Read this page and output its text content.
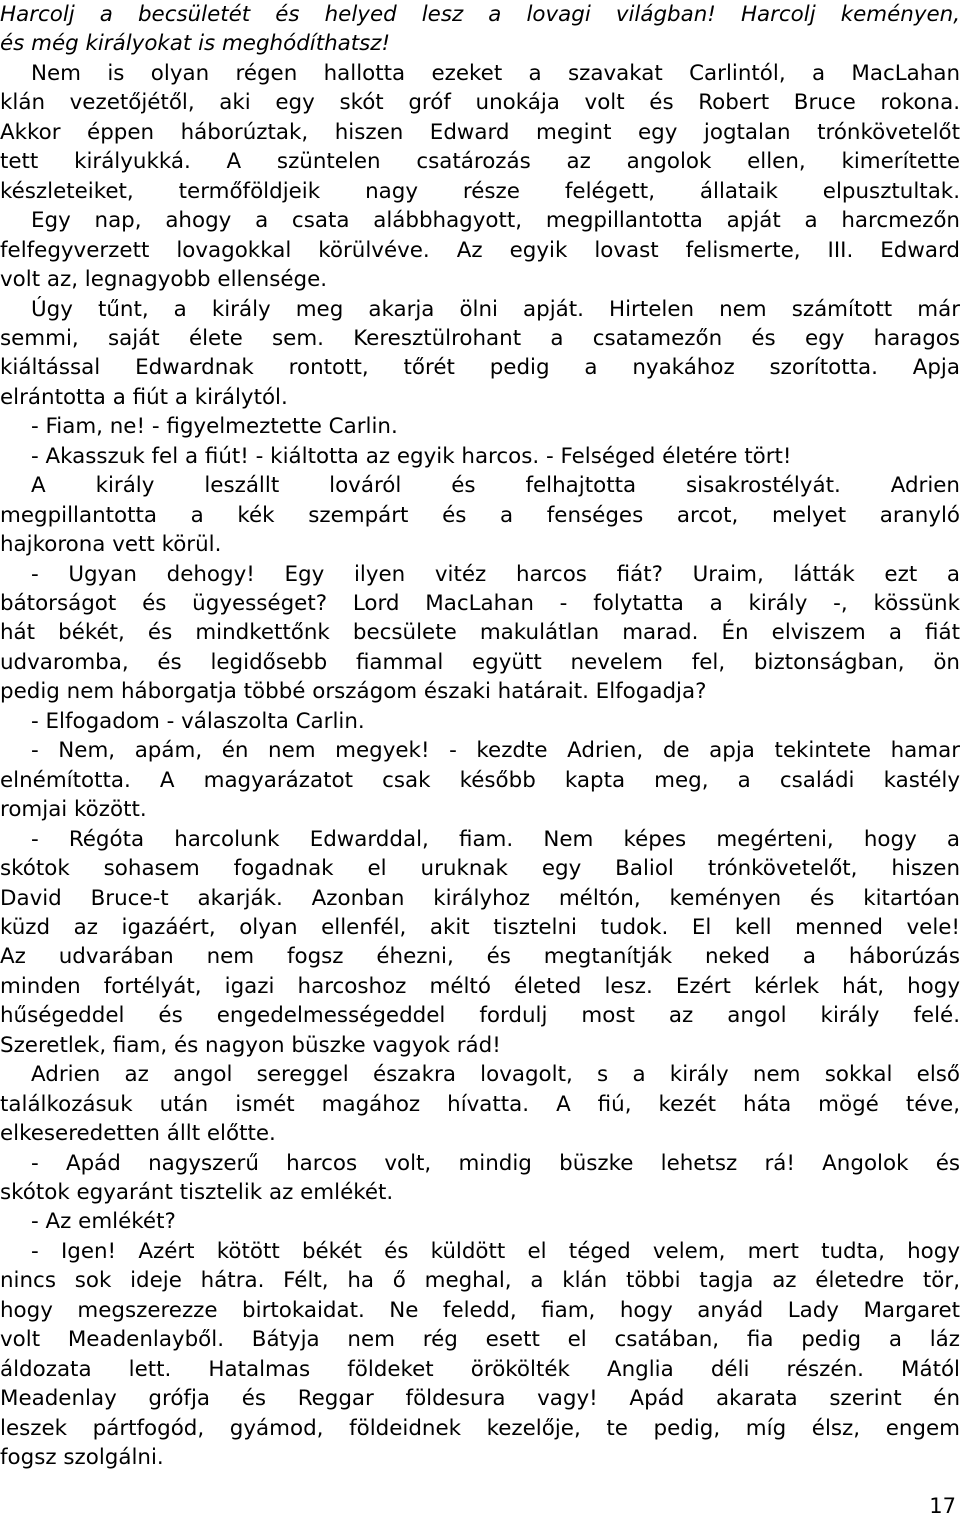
Harcolj a becsületét és helyed lesz a lovagi világban! Harcolj keményen,
és még királyokat is meghódíthatsz!
Nem is olyan régen hallotta ezeket a szavakat Carlintól, a MacLahan
klán vezetőjétől, aki egy skót gróf unokája volt és Robert Bruce rokona.
Akkor éppen háborúztak, hiszen Edward megint egy jogtalan trónkövetelőt
tett királyukká. A szüntelen csatározás az angolok ellen, kimerítette
készleteiket, termőföldjeik nagy része felégett, állataik elpusztultak.
Egy nap, ahogy a csata alábbhagyott, megpillantotta apját a harcmezőn
felfegyverzett lovagokkal körülvéve. Az egyik lovast felismerte, III. Edward
volt az, legnagyobb ellensége.
Úgy tűnt, a király meg akarja ölni apját. Hirtelen nem számított már
semmi, saját élete sem. Keresztülrohant a csatamezőn és egy haragos
kiáltással Edwardnak rontott, tőrét pedig a nyakához szorította. Apja
elrántotta a fiút a királytól.
- Fiam, ne! - figyelmeztette Carlin.
- Akasszuk fel a fiút! - kiáltotta az egyik harcos. - Felséged életére tört!
A király leszállt lováról és felhajtotta sisakrostélyát. Adrien
megpillantotta a kék szempárt és a fenséges arcot, melyet aranyló
hajkorona vett körül.
- Ugyan dehogy! Egy ilyen vitéz harcos fiát? Uraim, látták ezt a
bátorságot és ügyességet? Lord MacLahan - folytatta a király -, kössünk
hát békét, és mindkettőnk becsülete makulátlan marad. Én elviszem a fiát
udvaromba, és legidősebb fiammal együtt nevelem fel, biztonságban, ön
pedig nem háborgatja többé országom északi határait. Elfogadja?
- Elfogadom - válaszolta Carlin.
- Nem, apám, én nem megyek! - kezdte Adrien, de apja tekintete hamar
elnémította. A magyarázatot csak később kapta meg, a családi kastély
romjai között.
- Régóta harcolunk Edwarddal, fiam. Nem képes megérteni, hogy a
skótok sohasem fogadnak el uruknak egy Baliol trónkövetelőt, hiszen
David Bruce-t akarják. Azonban királyhoz méltón, keményen és kitartóan
küzd az igazáért, olyan ellenfél, akit tisztelni tudok. El kell menned vele!
Az udvarában nem fogsz éhezni, és megtanítják neked a háborúzás
minden fortélyát, igazi harcoshoz méltó életed lesz. Ezért kérlek hát, hogy
hűségeddel és engedelmességeddel fordulj most az angol király felé.
Szeretlek, fiam, és nagyon büszke vagyok rád!
Adrien az angol sereggel északra lovagolt, s a király nem sokkal első
találkozásuk után ismét magához hívatta. A fiú, kezét háta mögé téve,
elkeseredetten állt előtte.
- Apád nagyszerű harcos volt, mindig büszke lehetsz rá! Angolok és
skótok egyaránt tisztelik az emlékét.
- Az emlékét?
- Igen! Azért kötött békét és küldött el téged velem, mert tudta, hogy
nincs sok ideje hátra. Félt, ha ő meghal, a klán többi tagja az életedre tör,
hogy megszerezze birtokaidat. Ne feledd, fiam, hogy anyád Lady Margaret
volt Meadenlayből. Bátyja nem rég esett el csatában, fia pedig a láz
áldozata lett. Hatalmas földeket örökölték Anglia déli részén. Mától
Meadenlay grófja és Reggar földesura vagy! Apád akarata szerint én
leszek pártfogód, gyámod, földeidnek kezelője, te pedig, míg élsz, engem
fogsz szolgálni.
17
